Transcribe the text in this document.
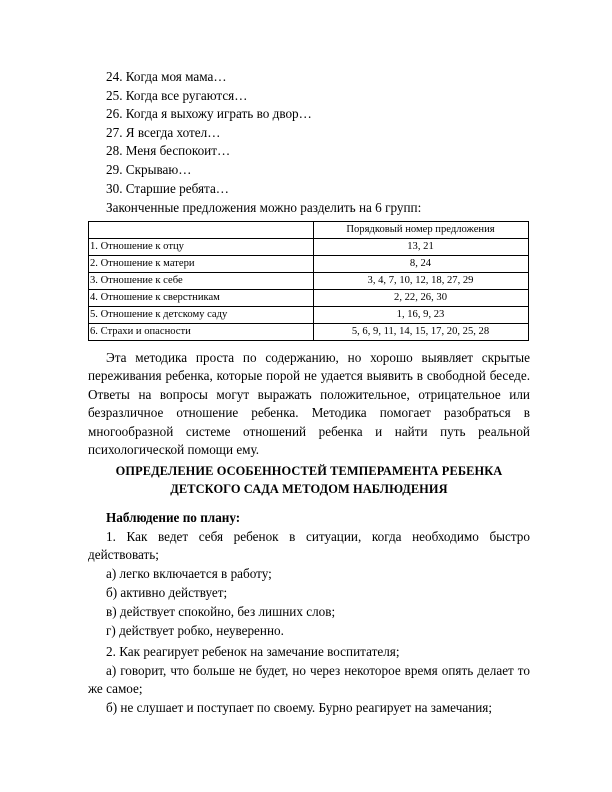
24. Когда моя мама…
25. Когда все ругаются…
26. Когда я выхожу играть во двор…
27. Я всегда хотел…
28. Меня беспокоит…
29. Скрываю…
30. Старшие ребята…
Законченные предложения можно разделить на 6 групп:
	Порядковый номер предложения
1. Отношение к отцу	13, 21
2. Отношение к матери	8, 24
3. Отношение к себе	3, 4, 7, 10, 12, 18, 27, 29
4. Отношение к сверстникам	2, 22, 26, 30
5. Отношение к детскому саду	1, 16, 9, 23
6. Страхи и опасности	5, 6, 9, 11, 14, 15, 17, 20, 25, 28
Эта методика проста по содержанию, но хорошо выявляет скрытые переживания ребенка, которые порой не удается выявить в свободной беседе. Ответы на вопросы могут выражать положительное, отрицательное или безразличное отношение ребенка. Методика помогает разобраться в многообразной системе отношений ребенка и найти путь реальной психологической помощи ему.
ОПРЕДЕЛЕНИЕ ОСОБЕННОСТЕЙ ТЕМПЕРАМЕНТА РЕБЕНКА
ДЕТСКОГО САДА МЕТОДОМ НАБЛЮДЕНИЯ
Наблюдение по плану:
1. Как ведет себя ребенок в ситуации, когда необходимо быстро действовать;
а) легко включается в работу;
б) активно действует;
в) действует спокойно, без лишних слов;
г) действует робко, неуверенно.
2. Как реагирует ребенок на замечание воспитателя;
а) говорит, что больше не будет, но через некоторое время опять делает то же самое;
б) не слушает и поступает по своему. Бурно реагирует на замечания;
